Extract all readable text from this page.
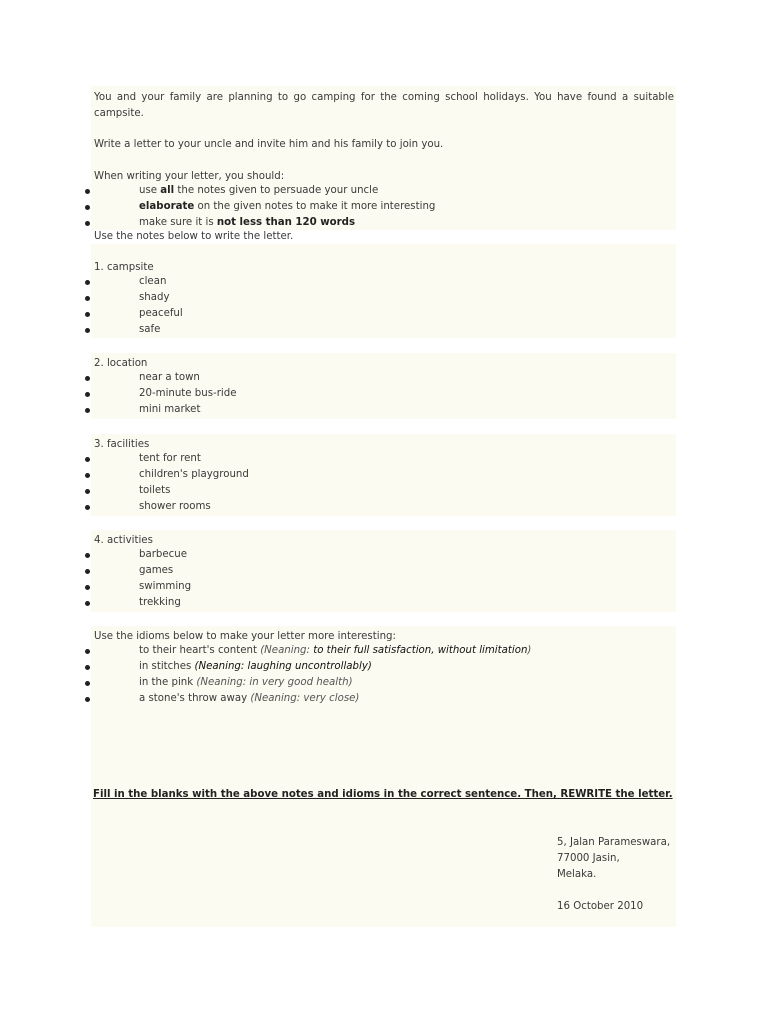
You and your family are planning to go camping for the coming school holidays. You have found a suitable campsite.
Write a letter to your uncle and invite him and his family to join you.
When writing your letter, you should:
use all the notes given to persuade your uncle
elaborate on the given notes to make it more interesting
make sure it is not less than 120 words
Use the notes below to write the letter.
1. campsite
clean
shady
peaceful
safe
2. location
near a town
20-minute bus-ride
mini market
3. facilities
tent for rent
children's playground
toilets
shower rooms
4. activities
barbecue
games
swimming
trekking
Use the idioms below to make your letter more interesting:
to their heart's content (Neaning: to their full satisfaction, without limitation)
in stitches (Neaning: laughing uncontrollably)
in the pink (Neaning: in very good health)
a stone's throw away (Neaning: very close)
Fill in the blanks with the above notes and idioms in the correct sentence. Then, REWRITE the letter.
5, Jalan Parameswara,
77000 Jasin,
Melaka.
16 October 2010
